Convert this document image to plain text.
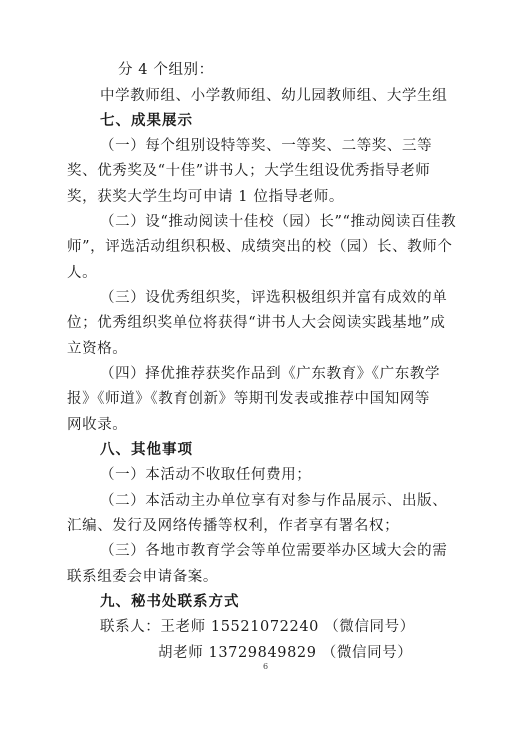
分 4 个组别：
中学教师组、小学教师组、幼儿园教师组、大学生组
七、成果展示
（一）每个组别设特等奖、一等奖、二等奖、三等
奖、优秀奖及“十佳”讲书人；大学生组设优秀指导老师
奖，获奖大学生均可申请 1 位指导老师。
（二）设“推动阅读十佳校（园）长”“推动阅读百佳教
师”，评选活动组织积极、成绩突出的校（园）长、教师个
人。
（三）设优秀组织奖，评选积极组织并富有成效的单
位；优秀组织奖单位将获得“讲书人大会阅读实践基地”成
立资格。
（四）择优推荐获奖作品到《广东教育》《广东教学
报》《师道》《教育创新》等期刊发表或推荐中国知网等
网收录。
八、其他事项
（一）本活动不收取任何费用；
（二）本活动主办单位享有对参与作品展示、出版、
汇编、发行及网络传播等权利，作者享有署名权；
（三）各地市教育学会等单位需要举办区域大会的需
联系组委会申请备案。
九、秘书处联系方式
联系人：王老师 15521072240 （微信同号）
胡老师 13729849829 （微信同号）
6
